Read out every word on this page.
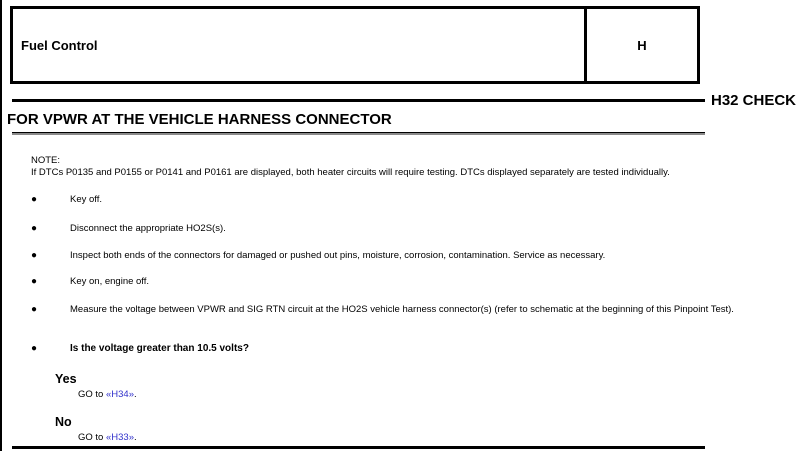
Fuel Control	H
H32 CHECK
FOR VPWR AT THE VEHICLE HARNESS CONNECTOR
NOTE:
If DTCs P0135 and P0155 or P0141 and P0161 are displayed, both heater circuits will require testing. DTCs displayed separately are tested individually.
●	Key off.
●	Disconnect the appropriate HO2S(s).
●	Inspect both ends of the connectors for damaged or pushed out pins, moisture, corrosion, contamination. Service as necessary.
●	Key on, engine off.
●	Measure the voltage between VPWR and SIG RTN circuit at the HO2S vehicle harness connector(s) (refer to schematic at the beginning of this Pinpoint Test).
●	Is the voltage greater than 10.5 volts?
Yes
GO to «H34».
No
GO to «H33».
